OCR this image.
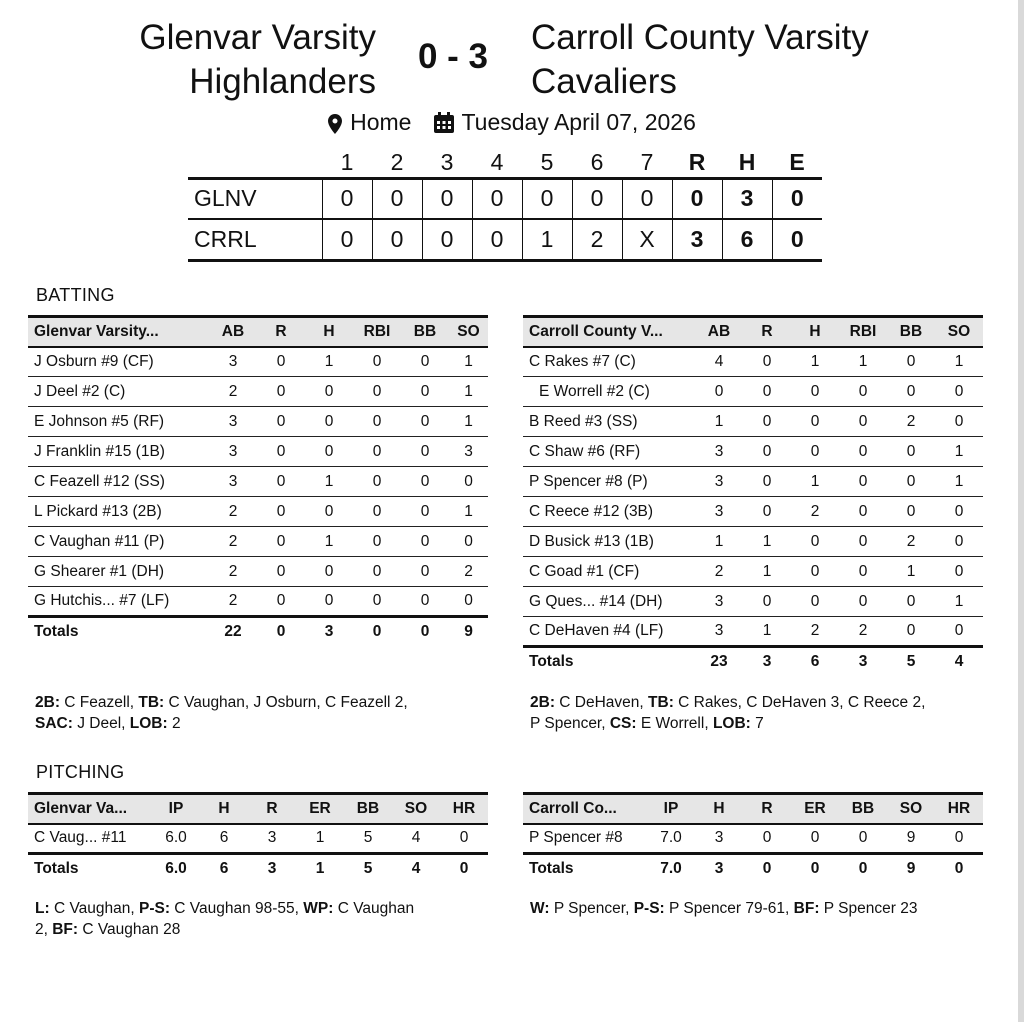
Glenvar Varsity
Highlanders
0 - 3	Carroll County Varsity
Cavaliers
Home Tuesday April 07, 2026
	1	2	3	4	5	6	7	R	H	E
GLNV	0	0	0	0	0	0	0	0	3	0
CRRL	0	0	0	0	1	2	X	3	6	0
BATTING
Glenvar Varsity...	AB	R	H	RBI	BB	SO
J Osburn #9 (CF)	3	0	1	0	0	1
J Deel #2 (C)	2	0	0	0	0	1
E Johnson #5 (RF)	3	0	0	0	0	1
J Franklin #15 (1B)	3	0	0	0	0	3
C Feazell #12 (SS)	3	0	1	0	0	0
L Pickard #13 (2B)	2	0	0	0	0	1
C Vaughan #11 (P)	2	0	1	0	0	0
G Shearer #1 (DH)	2	0	0	0	0	2
G Hutchis... #7 (LF)	2	0	0	0	0	0
Totals	22	0	3	0	0	9
Carroll County V...	AB	R	H	RBI	BB	SO
C Rakes #7 (C)	4	0	1	1	0	1
E Worrell #2 (C)	0	0	0	0	0	0
B Reed #3 (SS)	1	0	0	0	2	0
C Shaw #6 (RF)	3	0	0	0	0	1
P Spencer #8 (P)	3	0	1	0	0	1
C Reece #12 (3B)	3	0	2	0	0	0
D Busick #13 (1B)	1	1	0	0	2	0
C Goad #1 (CF)	2	1	0	0	1	0
G Ques... #14 (DH)	3	0	0	0	0	1
C DeHaven #4 (LF)	3	1	2	2	0	0
Totals	23	3	6	3	5	4
2B: C Feazell, TB: C Vaughan, J Osburn, C Feazell 2,
SAC: J Deel, LOB: 2
2B: C DeHaven, TB: C Rakes, C DeHaven 3, C Reece 2,
P Spencer, CS: E Worrell, LOB: 7
PITCHING
Glenvar Va...	IP	H	R	ER	BB	SO	HR
C Vaug... #11	6.0	6	3	1	5	4	0
Totals	6.0	6	3	1	5	4	0
Carroll Co...	IP	H	R	ER	BB	SO	HR
P Spencer #8	7.0	3	0	0	0	9	0
Totals	7.0	3	0	0	0	9	0
L: C Vaughan, P-S: C Vaughan 98-55, WP: C Vaughan
2, BF: C Vaughan 28
W: P Spencer, P-S: P Spencer 79-61, BF: P Spencer 23
